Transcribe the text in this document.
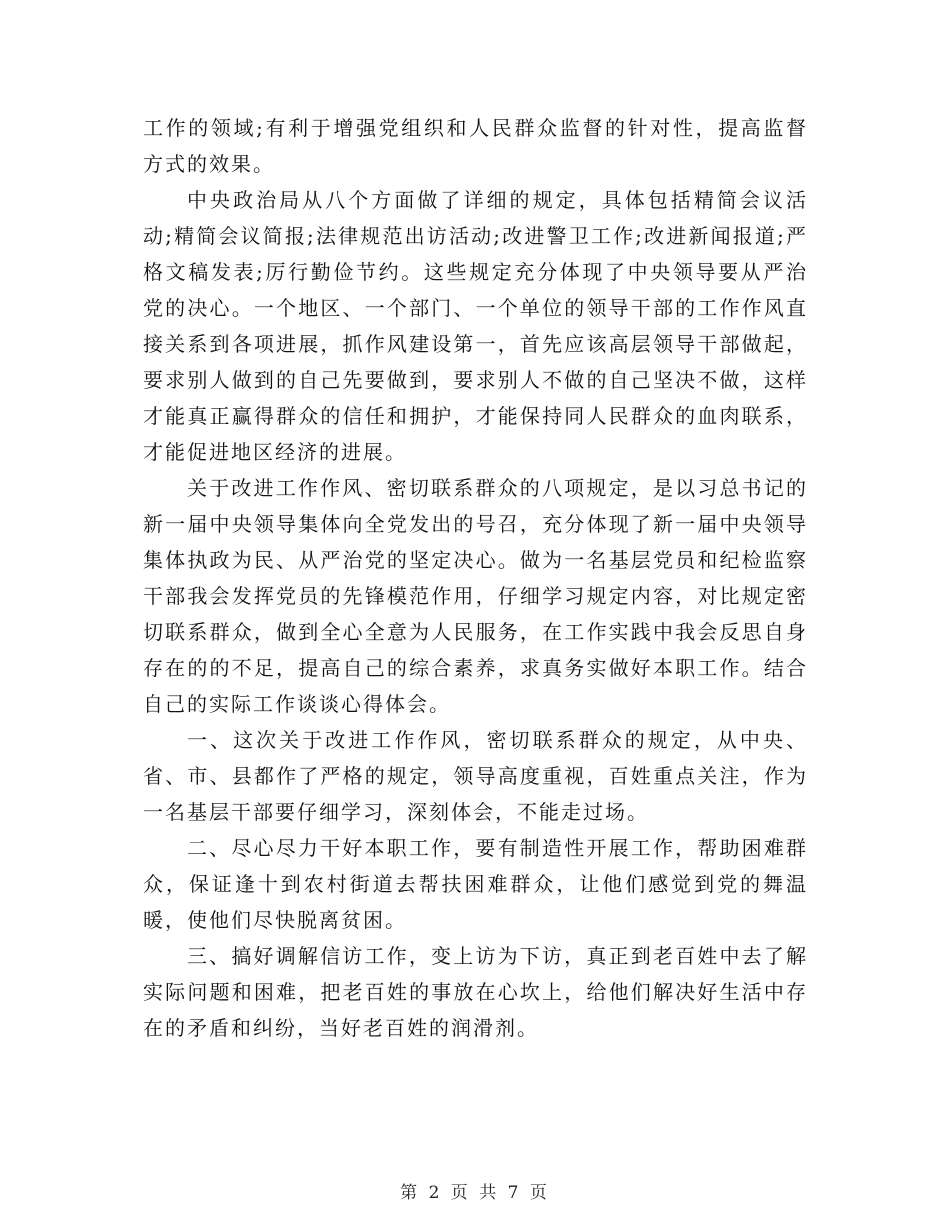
工作的领域;有利于增强党组织和人民群众监督的针对性，提高监督方式的效果。

中央政治局从八个方面做了详细的规定，具体包括精简会议活动;精简会议简报;法律规范出访活动;改进警卫工作;改进新闻报道;严格文稿发表;厉行勤俭节约。这些规定充分体现了中央领导要从严治党的决心。一个地区、一个部门、一个单位的领导干部的工作作风直接关系到各项进展，抓作风建设第一，首先应该高层领导干部做起，要求别人做到的自己先要做到，要求别人不做的自己坚决不做，这样才能真正赢得群众的信任和拥护，才能保持同人民群众的血肉联系，才能促进地区经济的进展。

关于改进工作作风、密切联系群众的八项规定，是以习总书记的新一届中央领导集体向全党发出的号召，充分体现了新一届中央领导集体执政为民、从严治党的坚定决心。做为一名基层党员和纪检监察干部我会发挥党员的先锋模范作用，仔细学习规定内容，对比规定密切联系群众，做到全心全意为人民服务，在工作实践中我会反思自身存在的的不足，提高自己的综合素养，求真务实做好本职工作。结合自己的实际工作谈谈心得体会。

一、这次关于改进工作作风，密切联系群众的规定，从中央、省、市、县都作了严格的规定，领导高度重视，百姓重点关注，作为一名基层干部要仔细学习，深刻体会，不能走过场。

二、尽心尽力干好本职工作，要有制造性开展工作，帮助困难群众，保证逢十到农村街道去帮扶困难群众，让他们感觉到党的舞温暖，使他们尽快脱离贫困。

三、搞好调解信访工作，变上访为下访，真正到老百姓中去了解实际问题和困难，把老百姓的事放在心坎上，给他们解决好生活中存在的矛盾和纠纷，当好老百姓的润滑剂。

第 2 页 共 7 页
